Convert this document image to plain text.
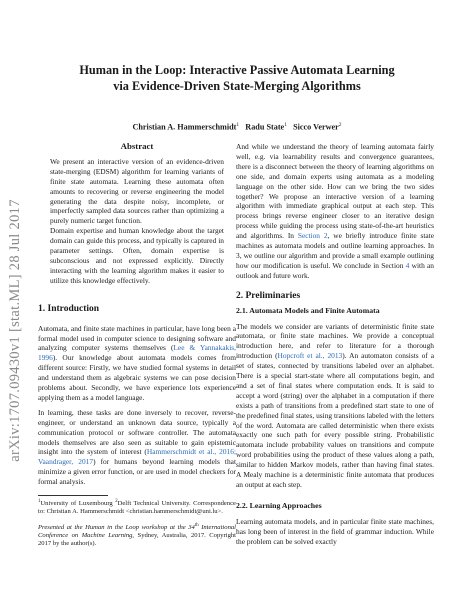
arXiv:1707.09430v1 [stat.ML] 28 Jul 2017
Human in the Loop: Interactive Passive Automata Learning
via Evidence-Driven State-Merging Algorithms
Christian A. Hammerschmidt$^1$ Radu State$^1$ Sicco Verwer$^2$
Abstract

We present an interactive version of an evidence-driven state-merging (EDSM) algorithm for learning variants of finite state automata. Learning these automata often amounts to recovering or reverse engineering the model generating the data despite noisy, incomplete, or imperfectly sampled data sources rather than optimizing a purely numeric target function.

Domain expertise and human knowledge about the target domain can guide this process, and typically is captured in parameter settings. Often, domain expertise is subconscious and not expressed explicitly. Directly interacting with the learning algorithm makes it easier to utilize this knowledge effectively.

1. Introduction

Automata, and finite state machines in particular, have long been a formal model used in computer science to designing software and analyzing computer systems themselves (Lee & Yannakakis, 1996). Our knowledge about automata models comes from different source: Firstly, we have studied formal systems in detail and understand them as algebraic systems we can pose decision problems about. Secondly, we have experience lots experience applying them as a model language.

In learning, these tasks are done inversely to recover, reverse-engineer, or understand an unknown data source, typically a communication protocol or software controller. The automata models themselves are also seen as suitable to gain epistemic insight into the system of interest (Hammerschmidt et al., 2016; Vaandrager, 2017) for humans beyond learning models that minimize a given error function, or are used in model checkers for formal analysis.

$^1$University of Luxembourg $^2$Delft Technical University. Correspondence to: Christian A. Hammerschmidt <christian.hammerschmidt@uni.lu>.

Presented at the Human in the Loop workshop at the 34th International Conference on Machine Learning, Sydney, Australia, 2017. Copyright 2017 by the author(s).

And while we understand the theory of learning automata fairly well, e.g. via learnability results and convergence guarantees, there is a disconnect between the theory of learning algorithms on one side, and domain experts using automata as a modeling language on the other side. How can we bring the two sides together? We propose an interactive version of a learning algorithm with immediate graphical output at each step. This process brings reverse engineer closer to an iterative design process while guiding the process using state-of-the-art heuristics and algorithms. In Section 2, we briefly introduce finite state machines as automata models and outline learning approaches. In 3, we outline our algorithm and provide a small example outlining how our modification is useful. We conclude in Section 4 with an outlook and future work.

2. Preliminaries
2.1. Automata Models and Finite Automata

The models we consider are variants of deterministic finite state automata, or finite state machines. We provide a conceptual introduction here, and refer to literature for a thorough introduction (Hopcroft et al., 2013). An automaton consists of a set of states, connected by transitions labeled over an alphabet. There is a special start-state where all computations begin, and and a set of final states where computation ends. It is said to accept a word (string) over the alphabet in a computation if there exists a path of transitions from a predefined start state to one of the predefined final states, using transitions labeled with the letters of the word. Automata are called deterministic when there exists exactly one such path for every possible string. Probabilistic automata include probability values on transitions and compute word probabilities using the product of these values along a path, similar to hidden Markov models, rather than having final states. A Mealy machine is a deterministic finite automata that produces an output at each step.

2.2. Learning Approaches

Learning automata models, and in particular finite state machines, has long been of interest in the field of grammar induction. While the problem can be solved exactly
